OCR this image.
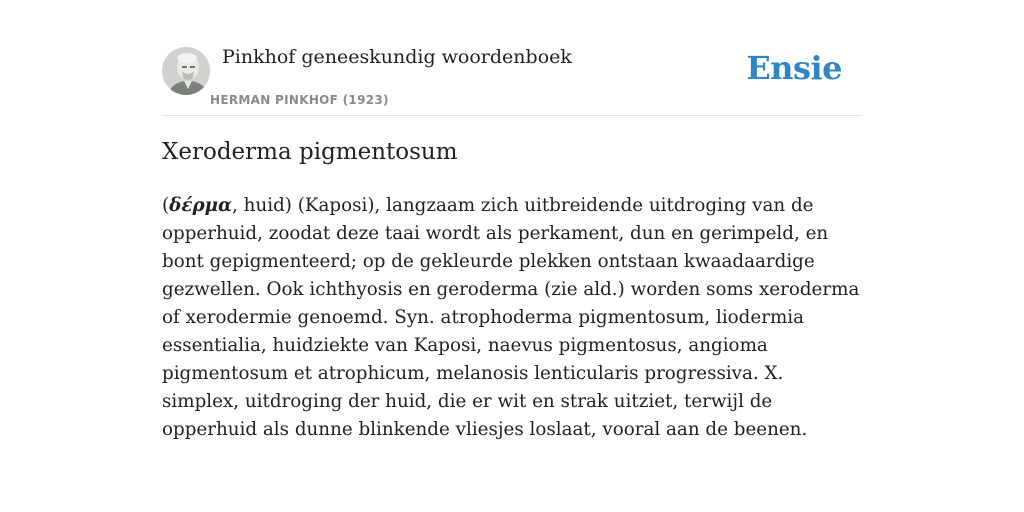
Pinkhof geneeskundig woordenboek
HERMAN PINKHOF (1923)
Ensie
Xeroderma pigmentosum

(δέρμα, huid) (Kaposi), langzaam zich uitbreidende uitdroging van de opperhuid, zoodat deze taai wordt als perkament, dun en gerimpeld, en bont gepigmenteerd; op de gekleurde plekken ontstaan kwaadaardige gezwellen. Ook ichthyosis en geroderma (zie ald.) worden soms xeroderma of xerodermie genoemd. Syn. atrophoderma pigmentosum, liodermia essentialia, huidziekte van Kaposi, naevus pigmentosus, angioma pigmentosum et atrophicum, melanosis lenticularis progressiva. X. simplex, uitdroging der huid, die er wit en strak uitziet, terwijl de opperhuid als dunne blinkende vliesjes loslaat, vooral aan de beenen.
